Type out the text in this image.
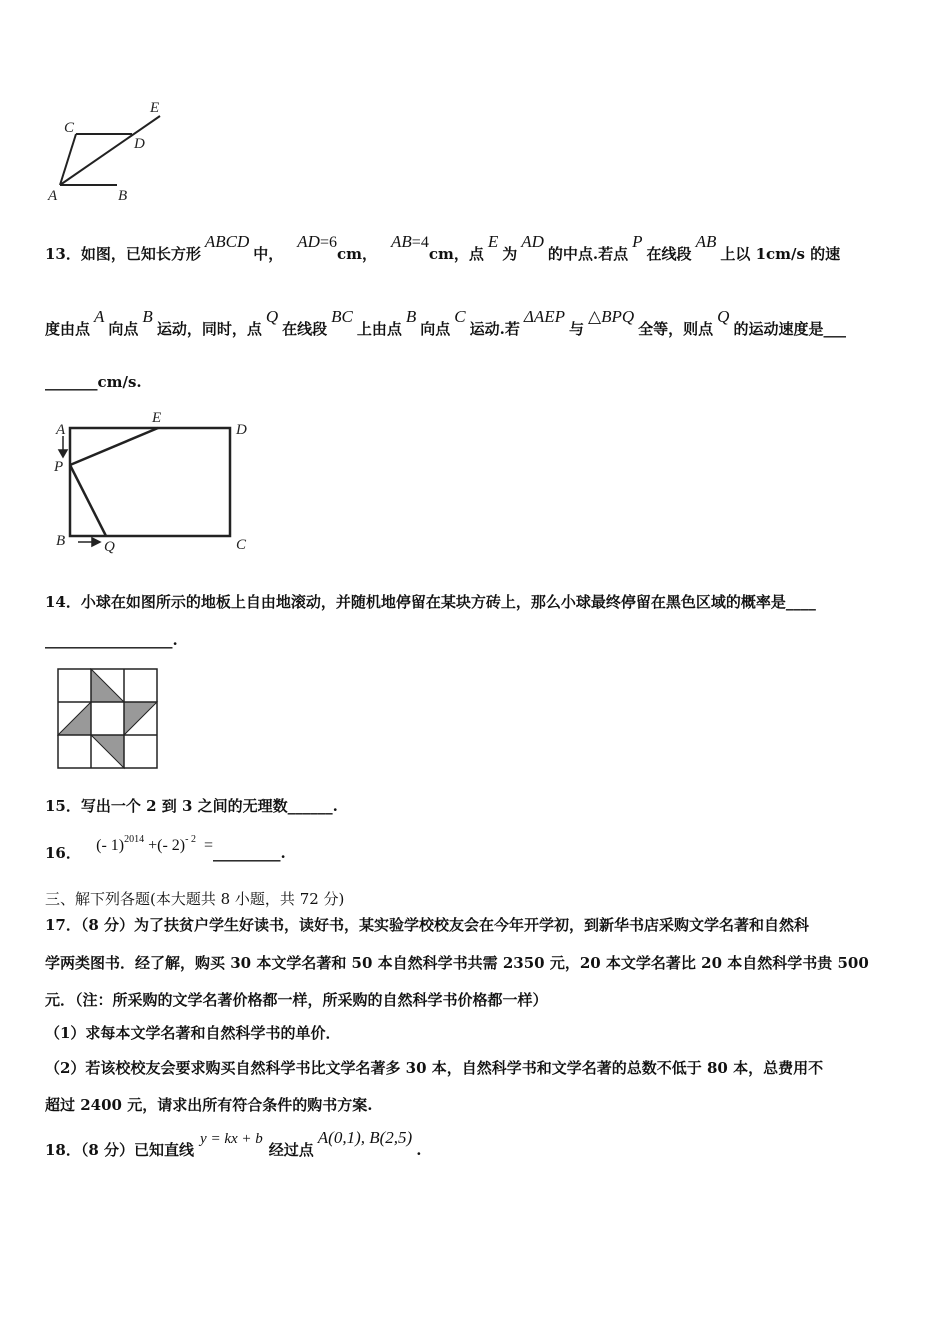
E
C
D
A	B
13．如图，已知长方形ABCD中，AD=6cm，AB=4cm，点E为AD的中点.若点P在线段AB上以 1cm/s 的速
度由点A向点B运动，同时，点Q在线段BC上由点B向点C运动.若ΔAEP与△BPQ全等，则点Q的运动速度是___
_______cm/s.
A
E
D
P
B	Q	C
14．小球在如图所示的地板上自由地滚动，并随机地停留在某块方砖上，那么小球最终停留在黑色区域的概率是____
_________________.
15．写出一个 2 到 3 之间的无理数______.
16． (- 1)$^{2014}$ +(- 2)$^{- 2}$ =_________.
三、解下列各题(本大题共 8 小题，共 72 分)
17．（8 分）为了扶贫户学生好读书，读好书，某实验学校校友会在今年开学初，到新华书店采购文学名著和自然科
学两类图书．经了解，购买 30 本文学名著和 50 本自然科学书共需 2350 元，20 本文学名著比 20 本自然科学书贵 500
元．（注：所采购的文学名著价格都一样，所采购的自然科学书价格都一样）
（1）求每本文学名著和自然科学书的单价．
（2）若该校校友会要求购买自然科学书比文学名著多 30 本，自然科学书和文学名著的总数不低于 80 本，总费用不
超过 2400 元，请求出所有符合条件的购书方案.
18．（8 分）已知直线y = kx + b经过点A(0,1), B(2,5).
